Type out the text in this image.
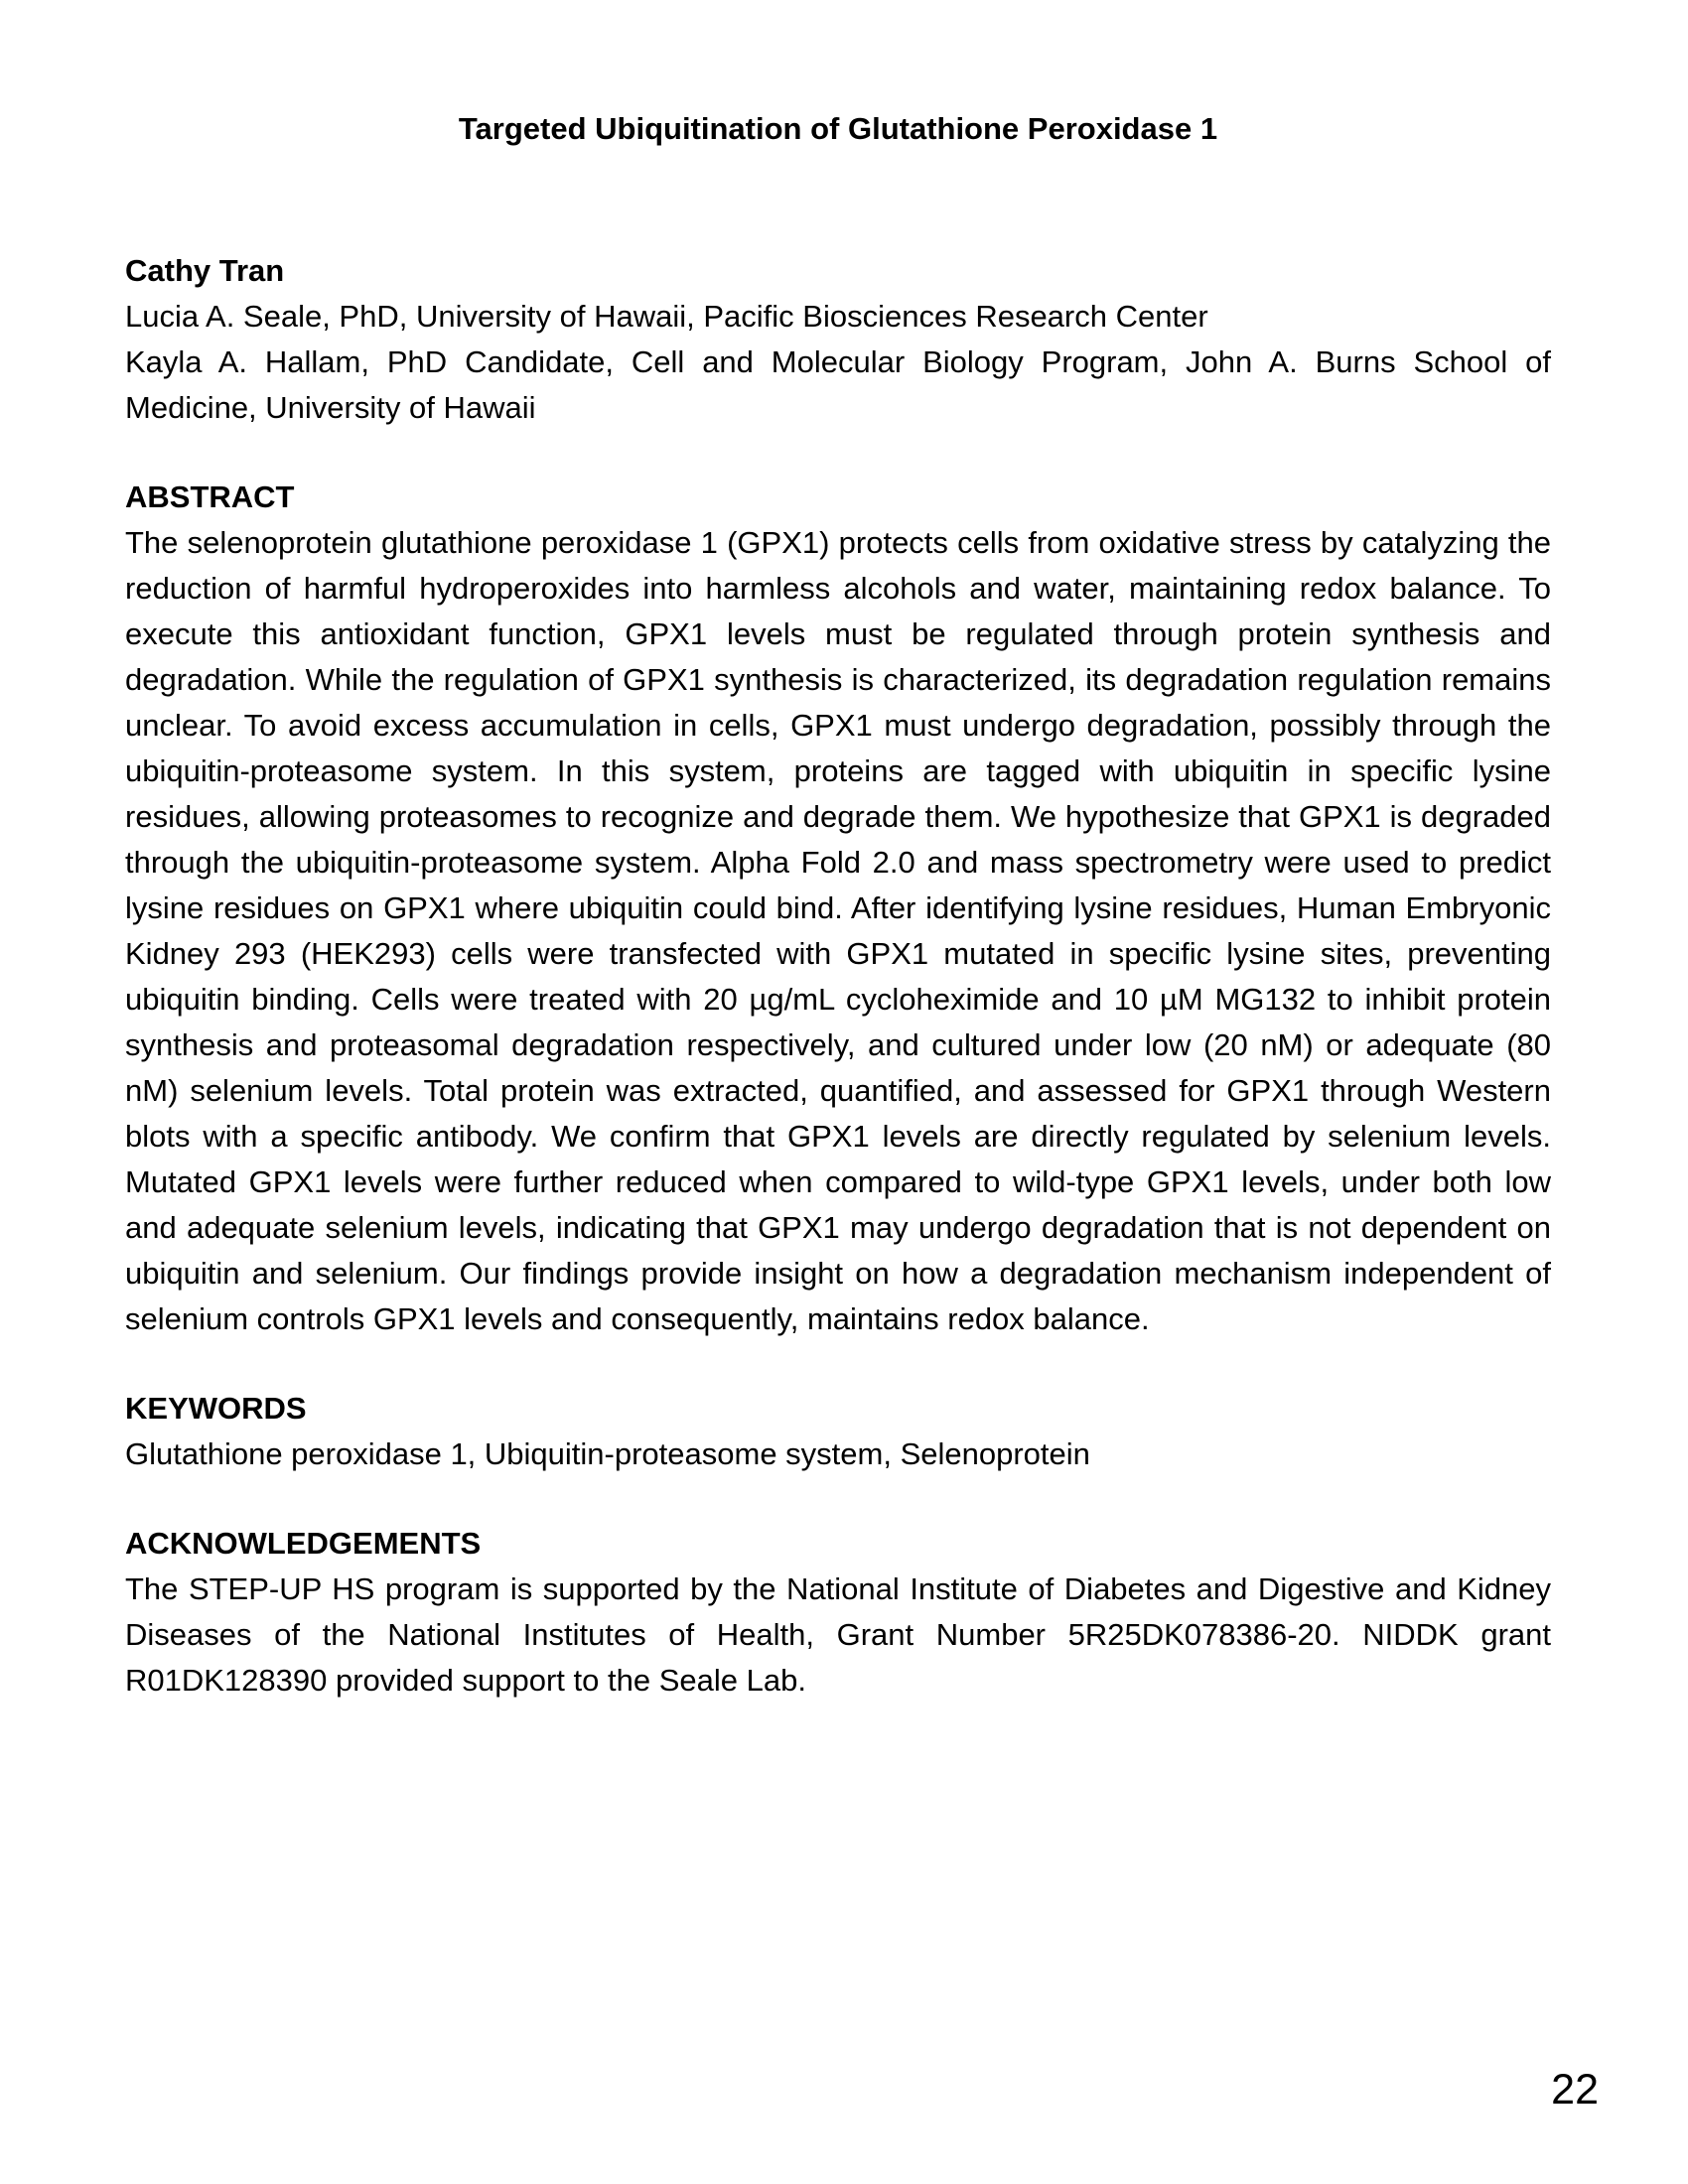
Targeted Ubiquitination of Glutathione Peroxidase 1

Cathy Tran

Lucia A. Seale, PhD, University of Hawaii, Pacific Biosciences Research Center

Kayla A. Hallam, PhD Candidate, Cell and Molecular Biology Program, John A. Burns School of Medicine, University of Hawaii

ABSTRACT

The selenoprotein glutathione peroxidase 1 (GPX1) protects cells from oxidative stress by catalyzing the reduction of harmful hydroperoxides into harmless alcohols and water, maintaining redox balance. To execute this antioxidant function, GPX1 levels must be regulated through protein synthesis and degradation. While the regulation of GPX1 synthesis is characterized, its degradation regulation remains unclear. To avoid excess accumulation in cells, GPX1 must undergo degradation, possibly through the ubiquitin-proteasome system. In this system, proteins are tagged with ubiquitin in specific lysine residues, allowing proteasomes to recognize and degrade them. We hypothesize that GPX1 is degraded through the ubiquitin-proteasome system. Alpha Fold 2.0 and mass spectrometry were used to predict lysine residues on GPX1 where ubiquitin could bind. After identifying lysine residues, Human Embryonic Kidney 293 (HEK293) cells were transfected with GPX1 mutated in specific lysine sites, preventing ubiquitin binding. Cells were treated with 20 µg/mL cycloheximide and 10 µM MG132 to inhibit protein synthesis and proteasomal degradation respectively, and cultured under low (20 nM) or adequate (80 nM) selenium levels. Total protein was extracted, quantified, and assessed for GPX1 through Western blots with a specific antibody. We confirm that GPX1 levels are directly regulated by selenium levels. Mutated GPX1 levels were further reduced when compared to wild-type GPX1 levels, under both low and adequate selenium levels, indicating that GPX1 may undergo degradation that is not dependent on ubiquitin and selenium. Our findings provide insight on how a degradation mechanism independent of selenium controls GPX1 levels and consequently, maintains redox balance.

KEYWORDS

Glutathione peroxidase 1, Ubiquitin-proteasome system, Selenoprotein

ACKNOWLEDGEMENTS

The STEP-UP HS program is supported by the National Institute of Diabetes and Digestive and Kidney Diseases of the National Institutes of Health, Grant Number 5R25DK078386-20. NIDDK grant R01DK128390 provided support to the Seale Lab.

22
